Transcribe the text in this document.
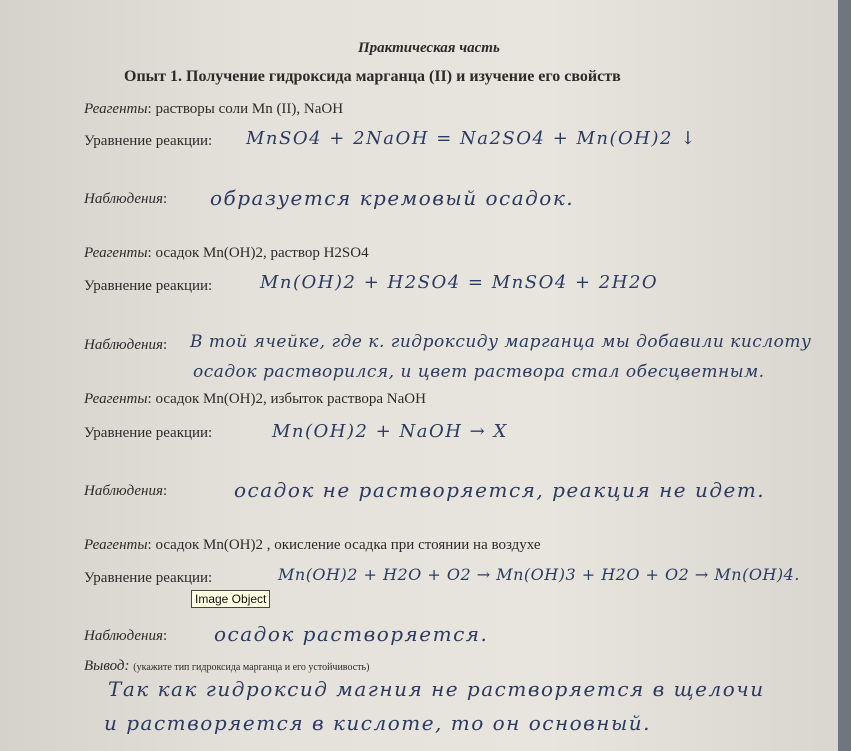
Практическая часть
Опыт 1. Получение гидроксида марганца (II) и изучение его свойств
Реагенты: растворы соли Mn (II), NaOH
Уравнение реакции: MnSO4 + 2NaOH = Na2SO4 + Mn(OH)2 ↓
Наблюдения: образуется кремовый осадок.
Реагенты: осадок Mn(OH)2, раствор H2SO4
Уравнение реакции:	Mn(OH)2 + H2SO4 = MnSO4 + 2H2O
Наблюдения: В той ячейке, где к. гидроксиду марганца мы добавили кислоту
осадок растворился, и цвет раствора стал обесцветным.
Реагенты: осадок Mn(OH)2, избыток раствора NaOH
Уравнение реакции:	Mn(OH)2 + NaOH → X
Наблюдения:	осадок не растворяется, реакция не идет.
Реагенты: осадок Mn(OH)2 , окисление осадка при стоянии на воздухе
Уравнение реакции:	Mn(OH)2 + H2O + O2 → Mn(OH)3 + H2O + O2 → Mn(OH)4.
Наблюдения: осадок растворяется.
Вывод: (укажите тип гидроксида марганца и его устойчивость)
Так как гидроксид магния не растворяется в щелочи
и растворяется в кислоте, то он основный.
Image Object
